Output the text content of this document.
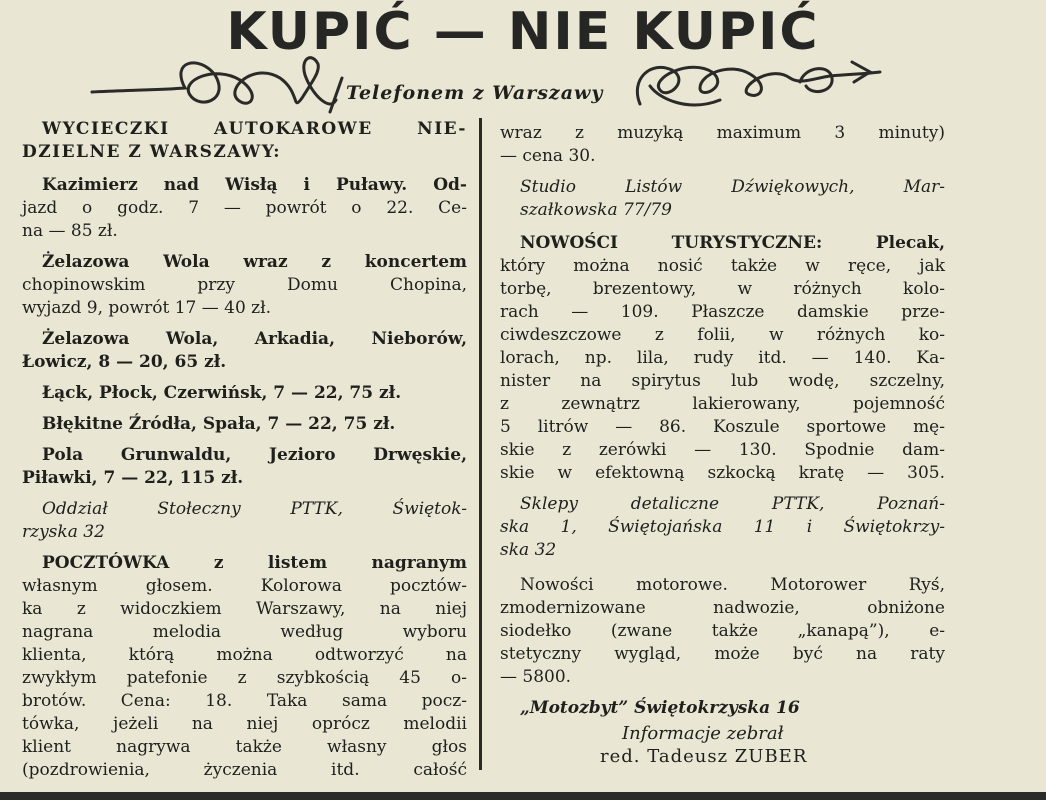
KUPIĆ — NIE KUPIĆ
Telefonem z Warszawy
WYCIECZKI AUTOKAROWE NIE-
DZIELNE Z WARSZAWY:
Kazimierz nad Wisłą i Puławy. Od-
jazd o godz. 7 — powrót o 22. Ce-
na — 85 zł.
Żelazowa Wola wraz z koncertem
chopinowskim przy Domu Chopina,
wyjazd 9, powrót 17 — 40 zł.
Żelazowa Wola, Arkadia, Nieborów,
Łowicz, 8 — 20, 65 zł.
Łąck, Płock, Czerwińsk, 7 — 22, 75 zł.
Błękitne Źródła, Spała, 7 — 22, 75 zł.
Pola Grunwaldu, Jezioro Drwęskie,
Piławki, 7 — 22, 115 zł.
Oddział Stołeczny PTTK, Świętok-
rzyska 32
POCZTÓWKA z listem nagranym
własnym głosem. Kolorowa pocztów-
ka z widoczkiem Warszawy, na niej
nagrana melodia według wyboru
klienta, którą można odtworzyć na
zwykłym patefonie z szybkością 45 o-
brotów. Cena: 18. Taka sama pocz-
tówka, jeżeli na niej oprócz melodii
klient nagrywa także własny głos
(pozdrowienia, życzenia itd. całość
wraz z muzyką maximum 3 minuty)
— cena 30.
Studio Listów Dźwiękowych, Mar-
szałkowska 77/79
NOWOŚCI TURYSTYCZNE: Plecak,
który można nosić także w ręce, jak
torbę, brezentowy, w różnych kolo-
rach — 109. Płaszcze damskie prze-
ciwdeszczowe z folii, w różnych ko-
lorach, np. lila, rudy itd. — 140. Ka-
nister na spirytus lub wodę, szczelny,
z zewnątrz lakierowany, pojemność
5 litrów — 86. Koszule sportowe mę-
skie z zerówki — 130. Spodnie dam-
skie w efektowną szkocką kratę — 305.
Sklepy detaliczne PTTK, Poznań-
ska 1, Świętojańska 11 i Świętokrzy-
ska 32
Nowości motorowe. Motorower Ryś,
zmodernizowane nadwozie, obniżone
siodełko (zwane także „kanapą”), e-
stetyczny wygląd, może być na raty
— 5800.
„Motozbyt” Świętokrzyska 16
Informacje zebrał
red. Tadeusz ZUBER
